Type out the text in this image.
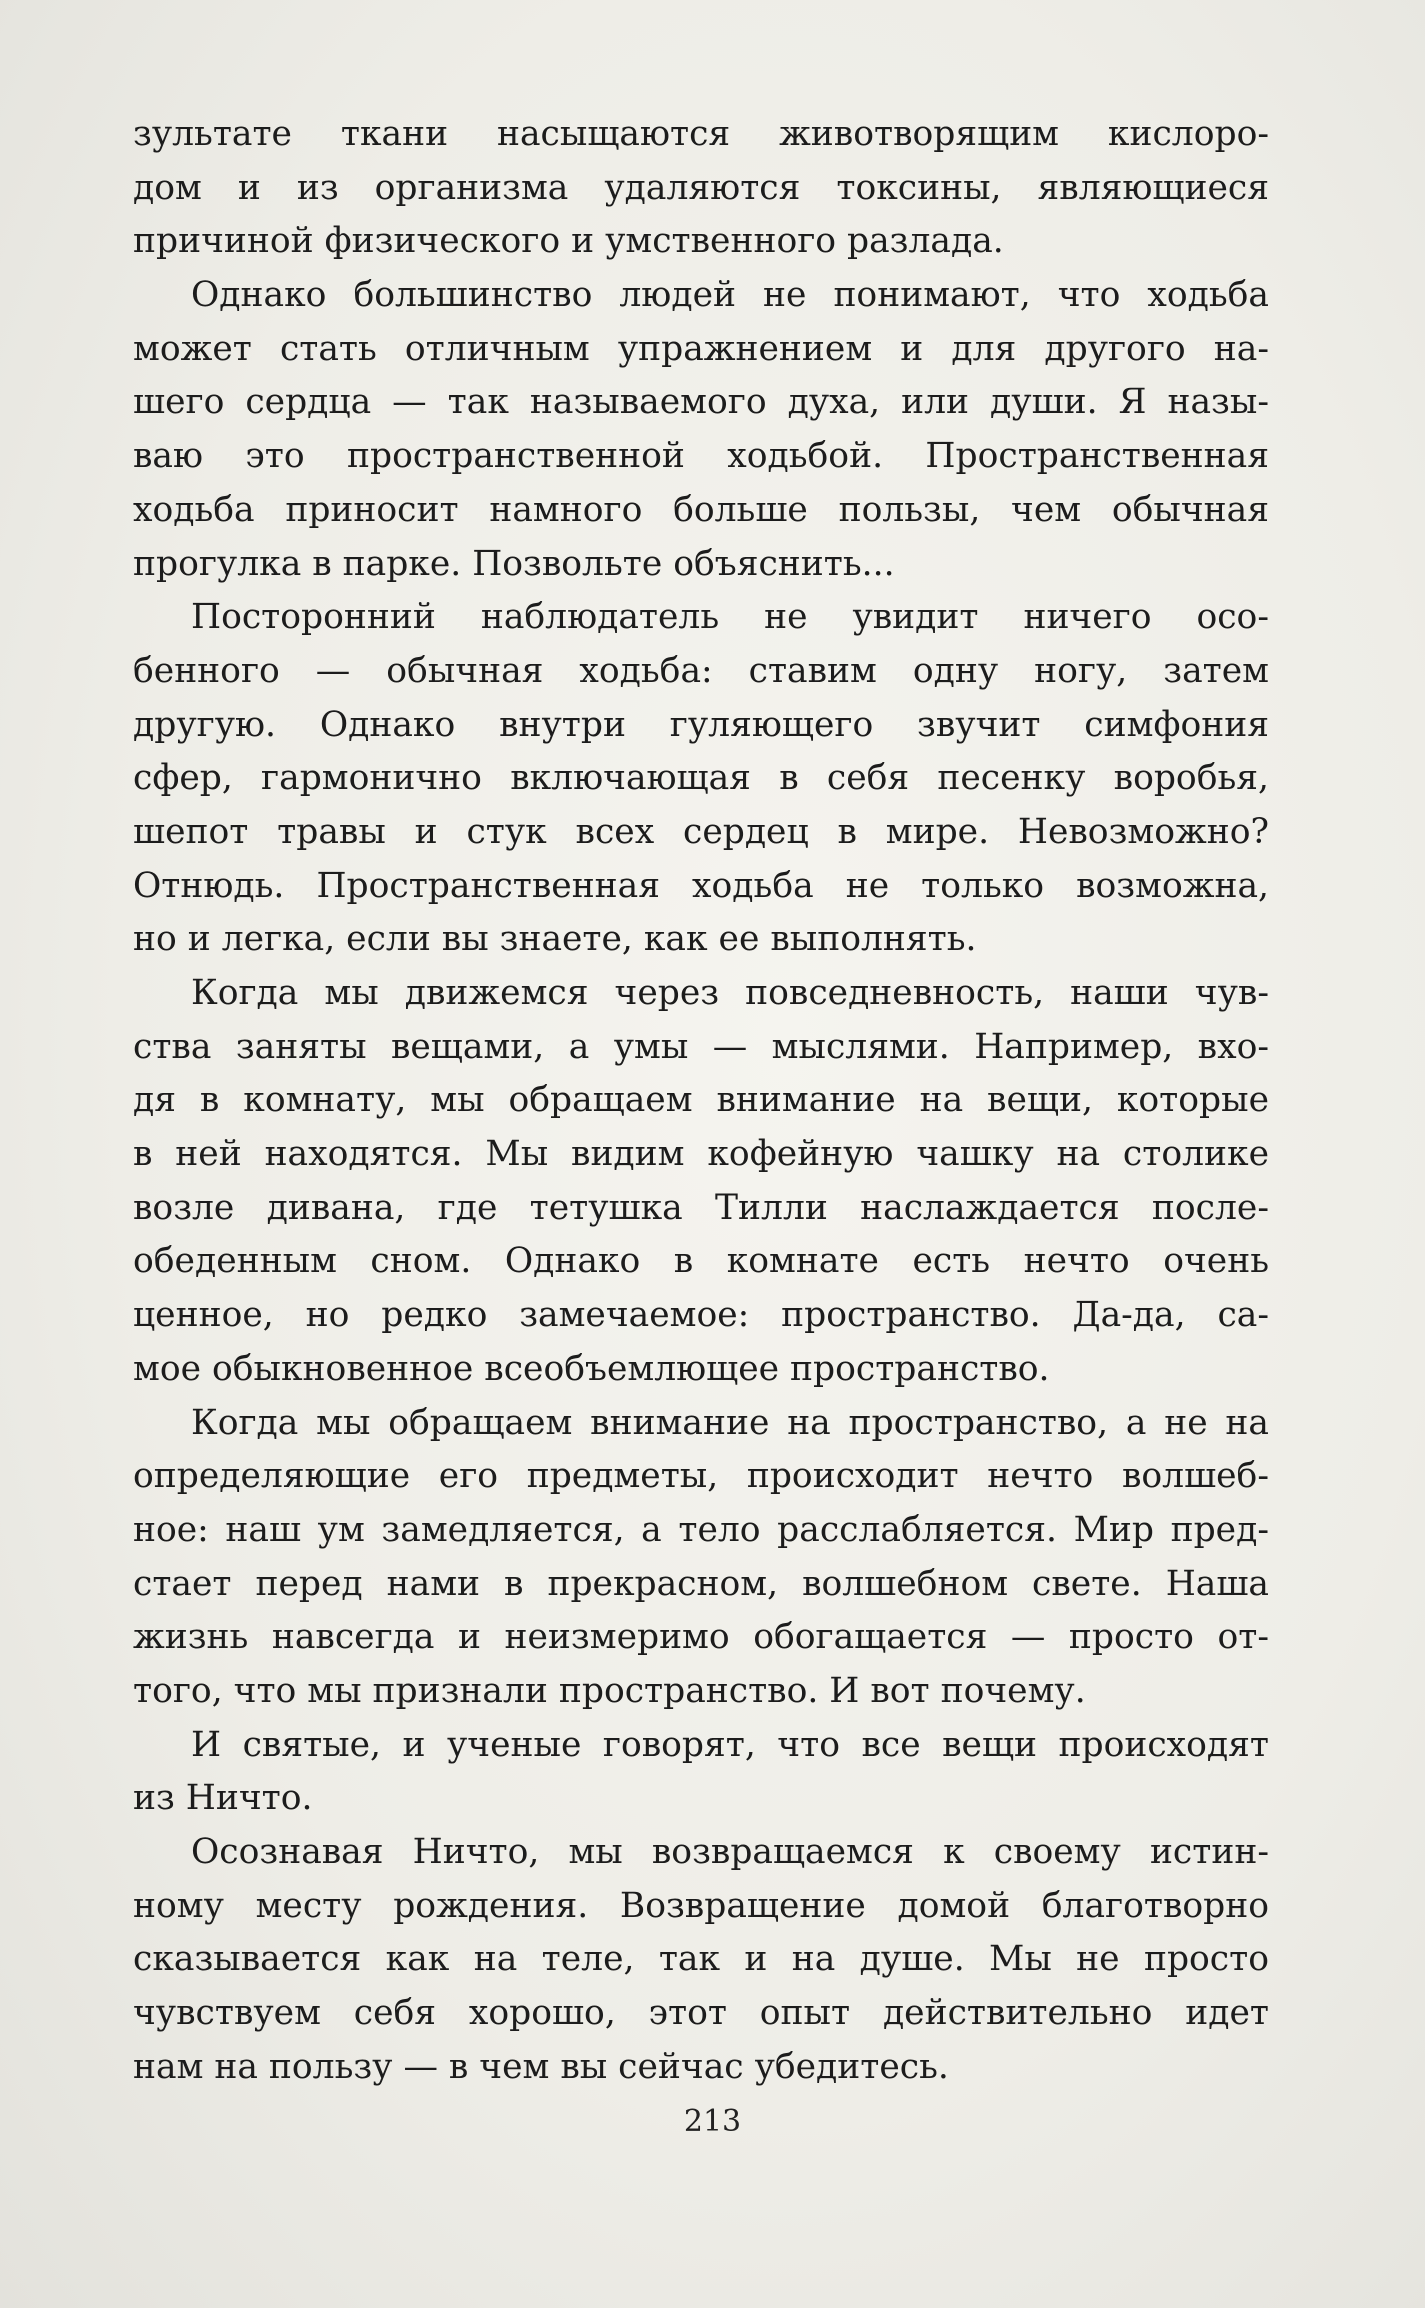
зультате ткани насыщаются животворящим кислоро-
дом и из организма удаляются токсины, являющиеся
причиной физического и умственного разлада.
Однако большинство людей не понимают, что ходьба
может стать отличным упражнением и для другого на-
шего сердца — так называемого духа, или души. Я назы-
ваю это пространственной ходьбой. Пространственная
ходьба приносит намного больше пользы, чем обычная
прогулка в парке. Позвольте объяснить...
Посторонний наблюдатель не увидит ничего осо-
бенного — обычная ходьба: ставим одну ногу, затем
другую. Однако внутри гуляющего звучит симфония
сфер, гармонично включающая в себя песенку воробья,
шепот травы и стук всех сердец в мире. Невозможно?
Отнюдь. Пространственная ходьба не только возможна,
но и легка, если вы знаете, как ее выполнять.
Когда мы движемся через повседневность, наши чув-
ства заняты вещами, а умы — мыслями. Например, вхо-
дя в комнату, мы обращаем внимание на вещи, которые
в ней находятся. Мы видим кофейную чашку на столике
возле дивана, где тетушка Тилли наслаждается после-
обеденным сном. Однако в комнате есть нечто очень
ценное, но редко замечаемое: пространство. Да-да, са-
мое обыкновенное всеобъемлющее пространство.
Когда мы обращаем внимание на пространство, а не на
определяющие его предметы, происходит нечто волшеб-
ное: наш ум замедляется, а тело расслабляется. Мир пред-
стает перед нами в прекрасном, волшебном свете. Наша
жизнь навсегда и неизмеримо обогащается — просто от-
того, что мы признали пространство. И вот почему.
И святые, и ученые говорят, что все вещи происходят
из Ничто.
Осознавая Ничто, мы возвращаемся к своему истин-
ному месту рождения. Возвращение домой благотворно
сказывается как на теле, так и на душе. Мы не просто
чувствуем себя хорошо, этот опыт действительно идет
нам на пользу — в чем вы сейчас убедитесь.
213
